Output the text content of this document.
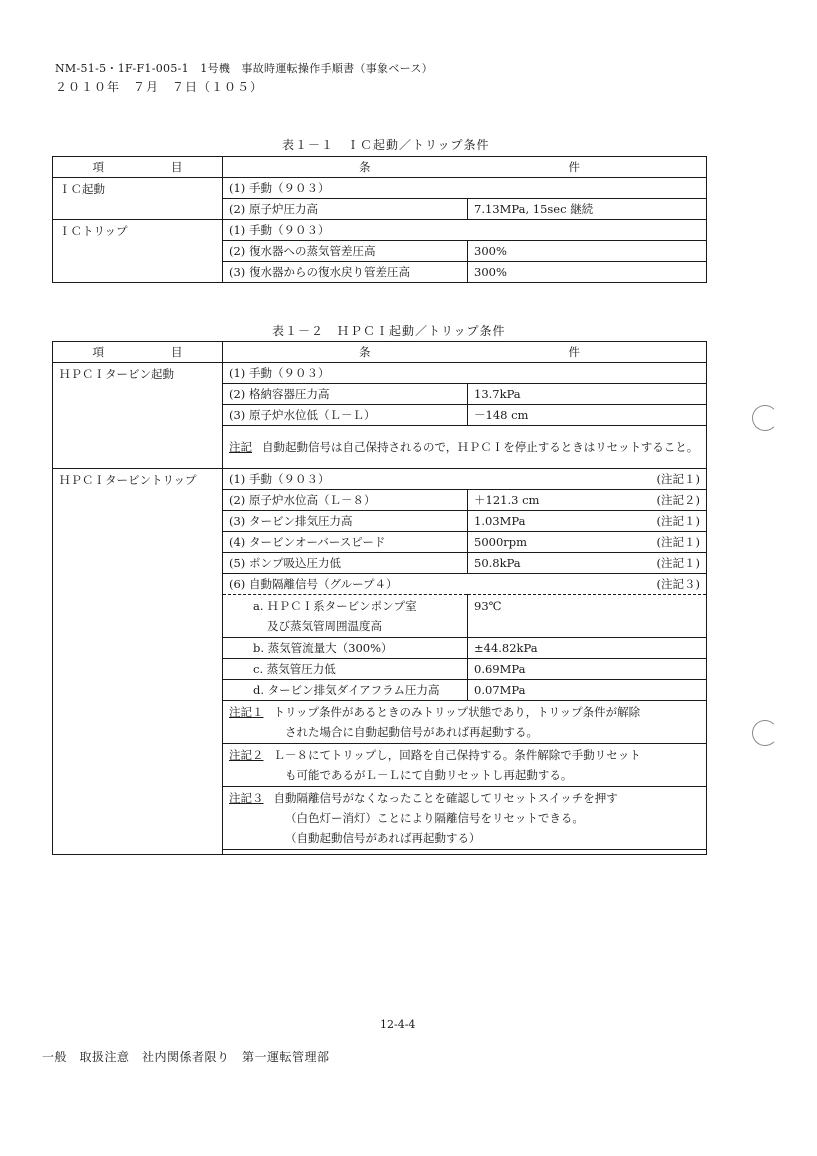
NM-51-5・1F-F1-005-1　1号機　事故時運転操作手順書（事象ベース）
２０１０年　７月　７日（１０５）
表１－１　ＩＣ起動／トリップ条件
項 目	条 件	

ＩＣ起動	(1) 手動（９０３）	
	(2) 原子炉圧力高	7.13MPa, 15sec 継続
ＩＣトリップ	(1) 手動（９０３）	
	(2) 復水器への蒸気管差圧高	300%
	(3) 復水器からの復水戻り管差圧高	300%
表１－２　ＨＰＣＩ起動／トリップ条件
項 目	条 件	

ＨＰＣＩタービン起動	(1) 手動（９０３）	
	(2) 格納容器圧力高	13.7kPa
	(3) 原子炉水位低（Ｌ－Ｌ）	－148 cm
	注記 自動起動信号は自己保持されるので，ＨＰＣＩを停止するときはリセットすること。	
ＨＰＣＩタービントリップ	(1) 手動（９０３） (注記１)	

	(2) 原子炉水位高（Ｌ－８）	＋121.3 cm (注記２)

	(3) タービン排気圧力高	1.03MPa (注記１)

	(4) タービンオーバースピード	5000rpm (注記１)

	(5) ポンプ吸込圧力低	50.8kPa (注記１)

	(6) 自動隔離信号（グループ４） (注記３)	

	a. ＨＰＣＩ系タービンポンプ室
及び蒸気管周囲温度高	93℃
	b. 蒸気管流量大（300%）	±44.82kPa
	c. 蒸気管圧力低	0.69MPa
	d. タービン排気ダイアフラム圧力高	0.07MPa

	注記１ トリップ条件があるときのみトリップ状態であり，トリップ条件が解除
された場合に自動起動信号があれば再起動する。	

	注記２ Ｌ－８にてトリップし，回路を自己保持する。条件解除で手動リセット
も可能であるがＬ－Ｌにて自動リセットし再起動する。	

	注記３ 自動隔離信号がなくなったことを確認してリセットスイッチを押す
（白色灯ー消灯）ことにより隔離信号をリセットできる。
（自動起動信号があれば再起動する）	

12-4-4
一般　取扱注意　社内関係者限り　第一運転管理部
